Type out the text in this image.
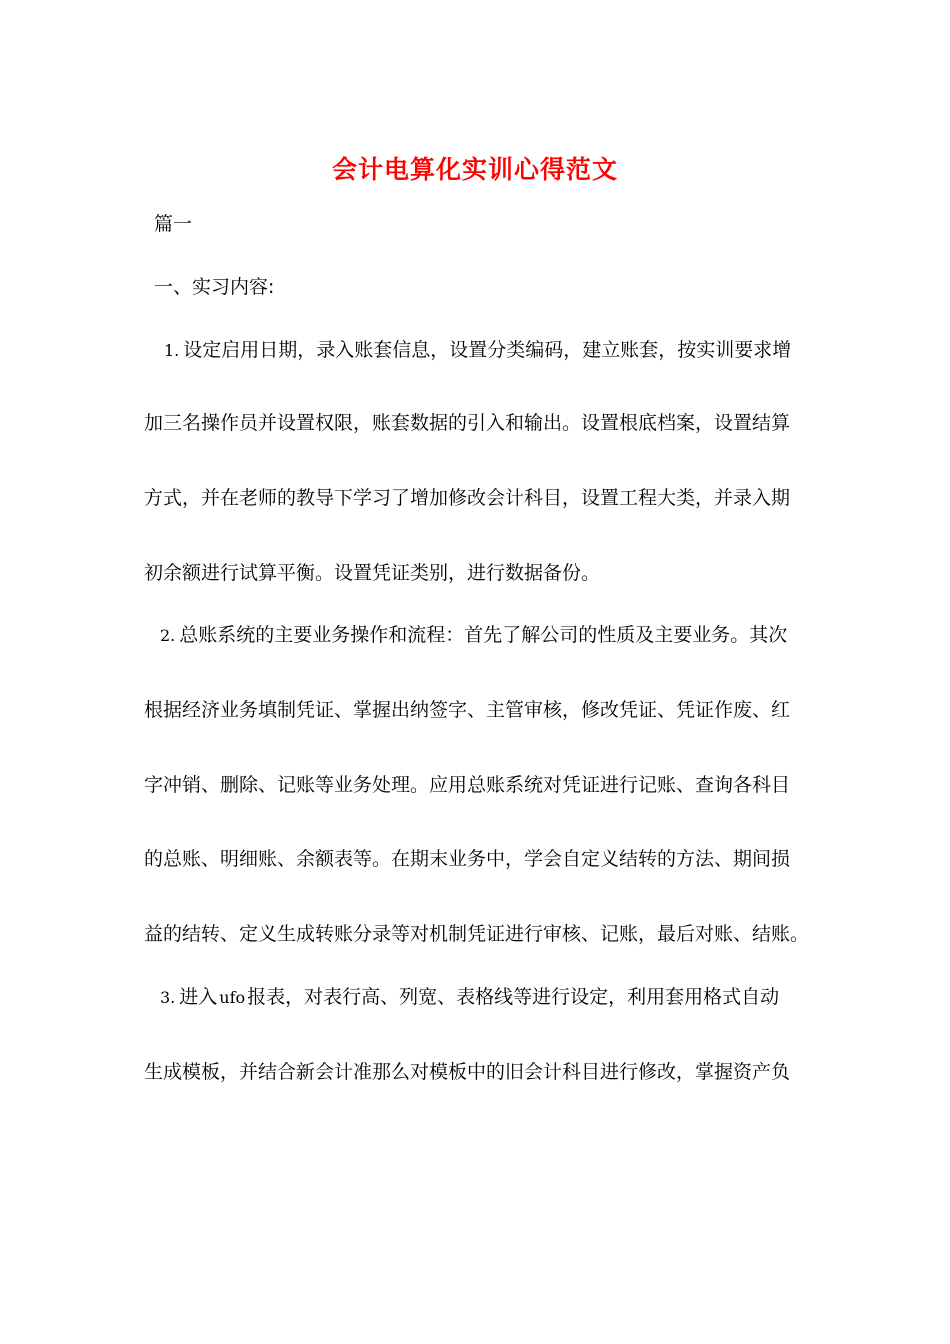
会计电算化实训心得范文
篇一
一、实习内容:
1. 设定启用日期，录入账套信息，设置分类编码，建立账套，按实训要求增
加三名操作员并设置权限，账套数据的引入和输出。设置根底档案，设置结算
方式，并在老师的教导下学习了增加修改会计科目，设置工程大类，并录入期
初余额进行试算平衡。设置凭证类别，进行数据备份。
2. 总账系统的主要业务操作和流程：首先了解公司的性质及主要业务。其次
根据经济业务填制凭证、掌握出纳签字、主管审核，修改凭证、凭证作废、红
字冲销、删除、记账等业务处理。应用总账系统对凭证进行记账、查询各科目
的总账、明细账、余额表等。在期末业务中，学会自定义结转的方法、期间损
益的结转、定义生成转账分录等对机制凭证进行审核、记账，最后对账、结账。
3. 进入 ufo 报表，对表行高、列宽、表格线等进行设定，利用套用格式自动
生成模板，并结合新会计准那么对模板中的旧会计科目进行修改，掌握资产负
